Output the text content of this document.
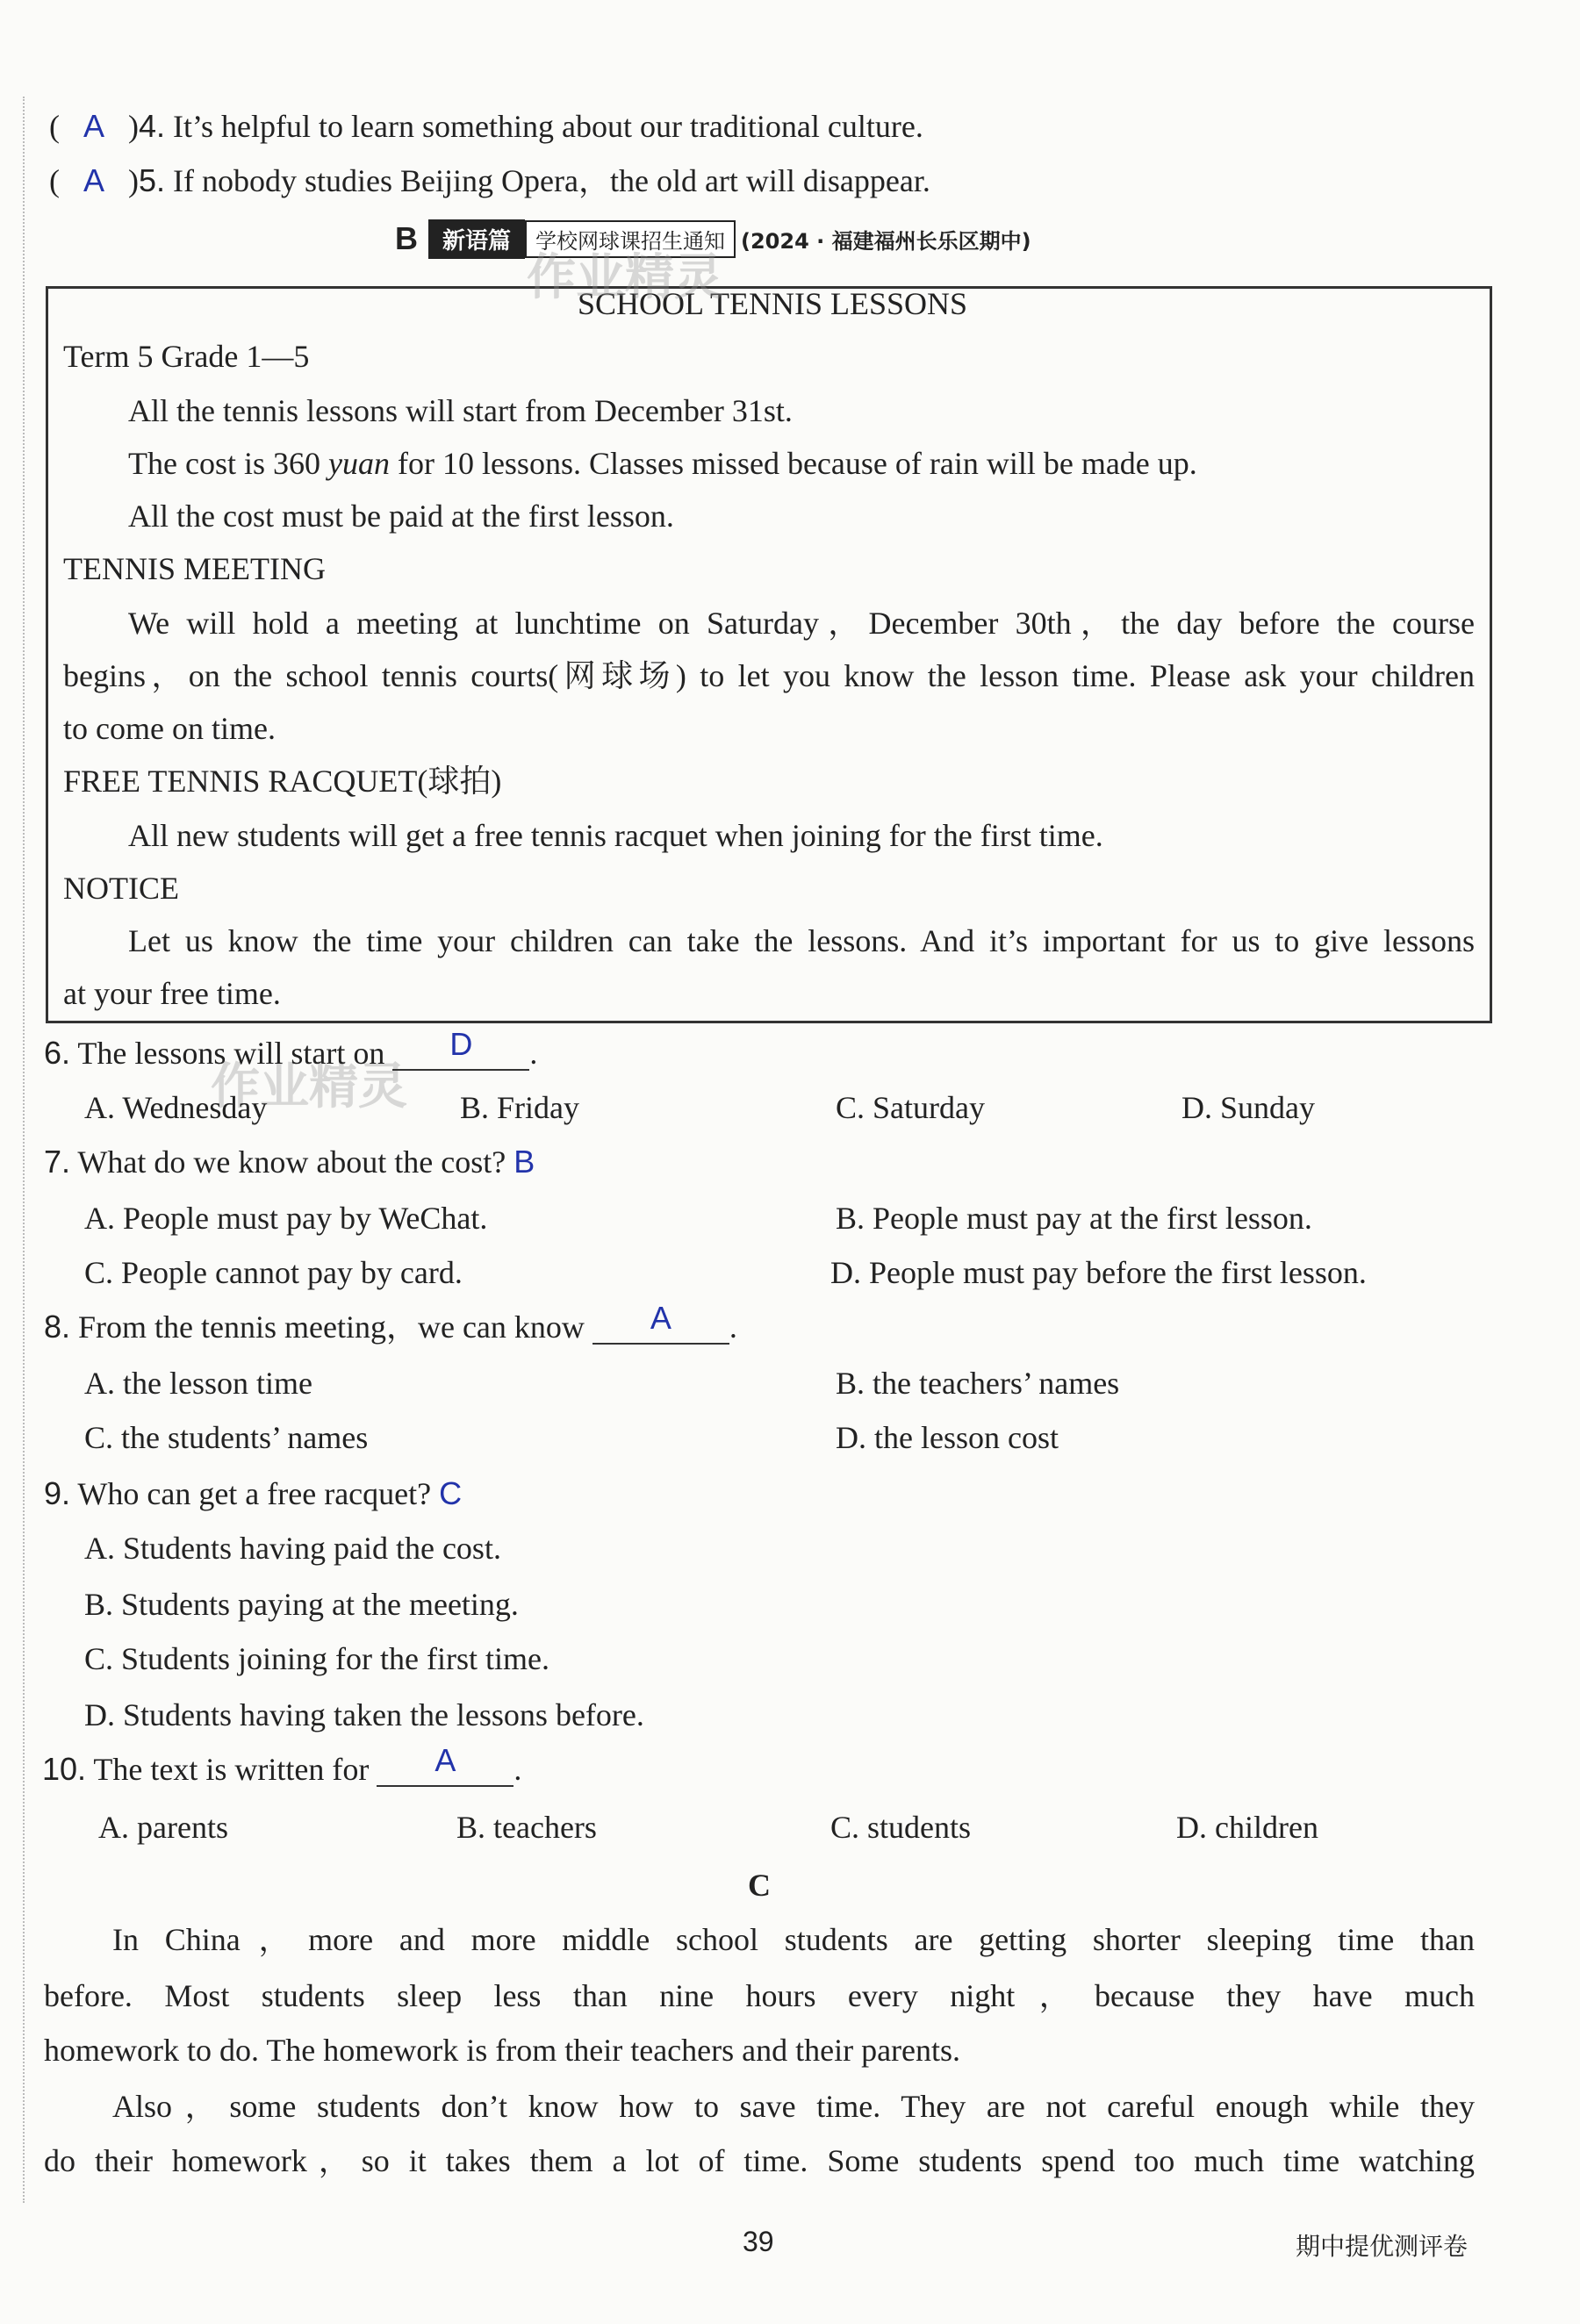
( A )4. It’s helpful to learn something about our traditional culture.
( A )5. If nobody studies Beijing Opera，the old art will disappear.
B	新语篇	学校网球课招生通知 (2024 · 福建福州长乐区期中)
SCHOOL TENNIS LESSONS
Term 5 Grade 1—5
All the tennis lessons will start from December 31st.
The cost is 360 yuan for 10 lessons. Classes missed because of rain will be made up.
All the cost must be paid at the first lesson.
TENNIS MEETING
We will hold a meeting at lunchtime on Saturday，December 30th，the day before the course
begins，on the school tennis courts(网球场) to let you know the lesson time. Please ask your children
to come on time.
FREE TENNIS RACQUET(球拍)
All new students will get a free tennis racquet when joining for the first time.
NOTICE
Let us know the time your children can take the lessons. And it’s important for us to give lessons
at your free time.
作业精灵
作业精灵
6. The lessons will start on D .
A. Wednesday	B. Friday	C. Saturday	D. Sunday
7. What do we know about the cost? B
A. People must pay by WeChat.	B. People must pay at the first lesson.
C. People cannot pay by card.	D. People must pay before the first lesson.
8. From the tennis meeting，we can know A .
A. the lesson time	B. the teachers’ names
C. the students’ names	D. the lesson cost
9. Who can get a free racquet? C
A. Students having paid the cost.
B. Students paying at the meeting.
C. Students joining for the first time.
D. Students having taken the lessons before.
10. The text is written for A .
A. parents	B. teachers	C. students	D. children
C
In China，more and more middle school students are getting shorter sleeping time than
before. Most students sleep less than nine hours every night，because they have much
homework to do. The homework is from their teachers and their parents.
Also，some students don’t know how to save time. They are not careful enough while they
do their homework，so it takes them a lot of time. Some students spend too much time watching
39	期中提优测评卷
